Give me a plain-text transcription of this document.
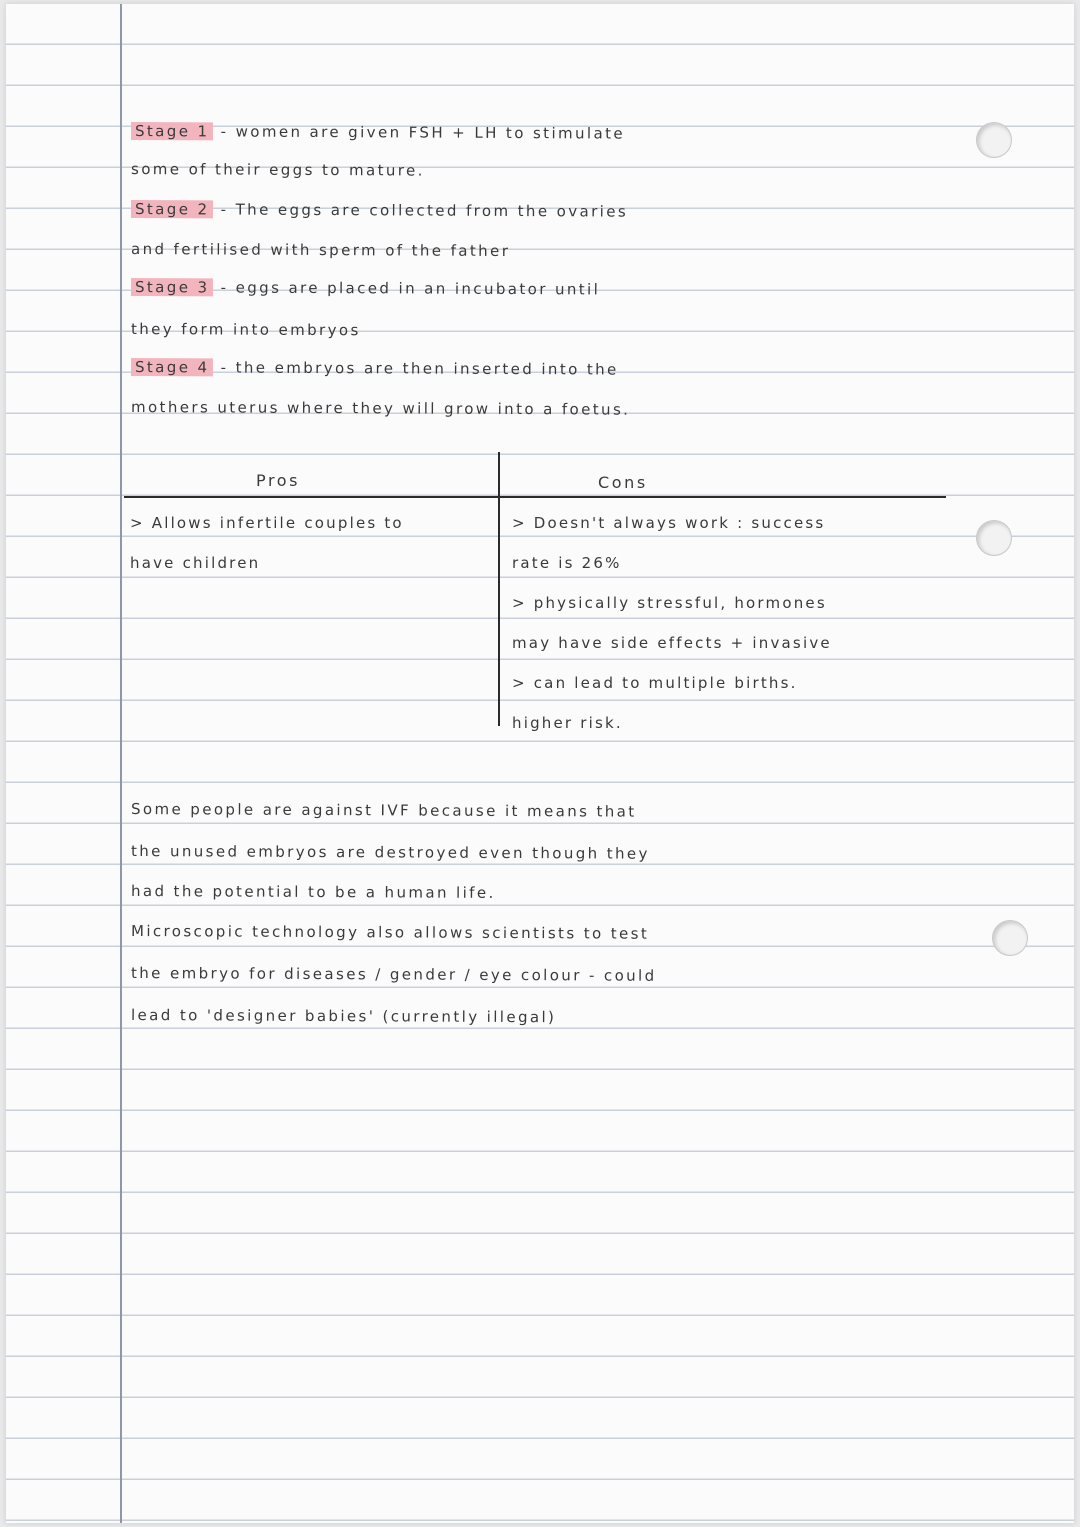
Stage 1 - women are given FSH + LH to stimulate
some of their eggs to mature.
Stage 2 - The eggs are collected from the ovaries
and fertilised with sperm of the father
Stage 3 - eggs are placed in an incubator until
they form into embryos
Stage 4 - the embryos are then inserted into the
mothers uterus where they will grow into a foetus.
Pros	Cons
> Allows infertile couples to
have children
> Doesn't always work : success
rate is 26%
> physically stressful, hormones
may have side effects + invasive
> can lead to multiple births.
higher risk.
Some people are against IVF because it means that
the unused embryos are destroyed even though they
had the potential to be a human life.
Microscopic technology also allows scientists to test
the embryo for diseases / gender / eye colour - could
lead to 'designer babies' (currently illegal)
